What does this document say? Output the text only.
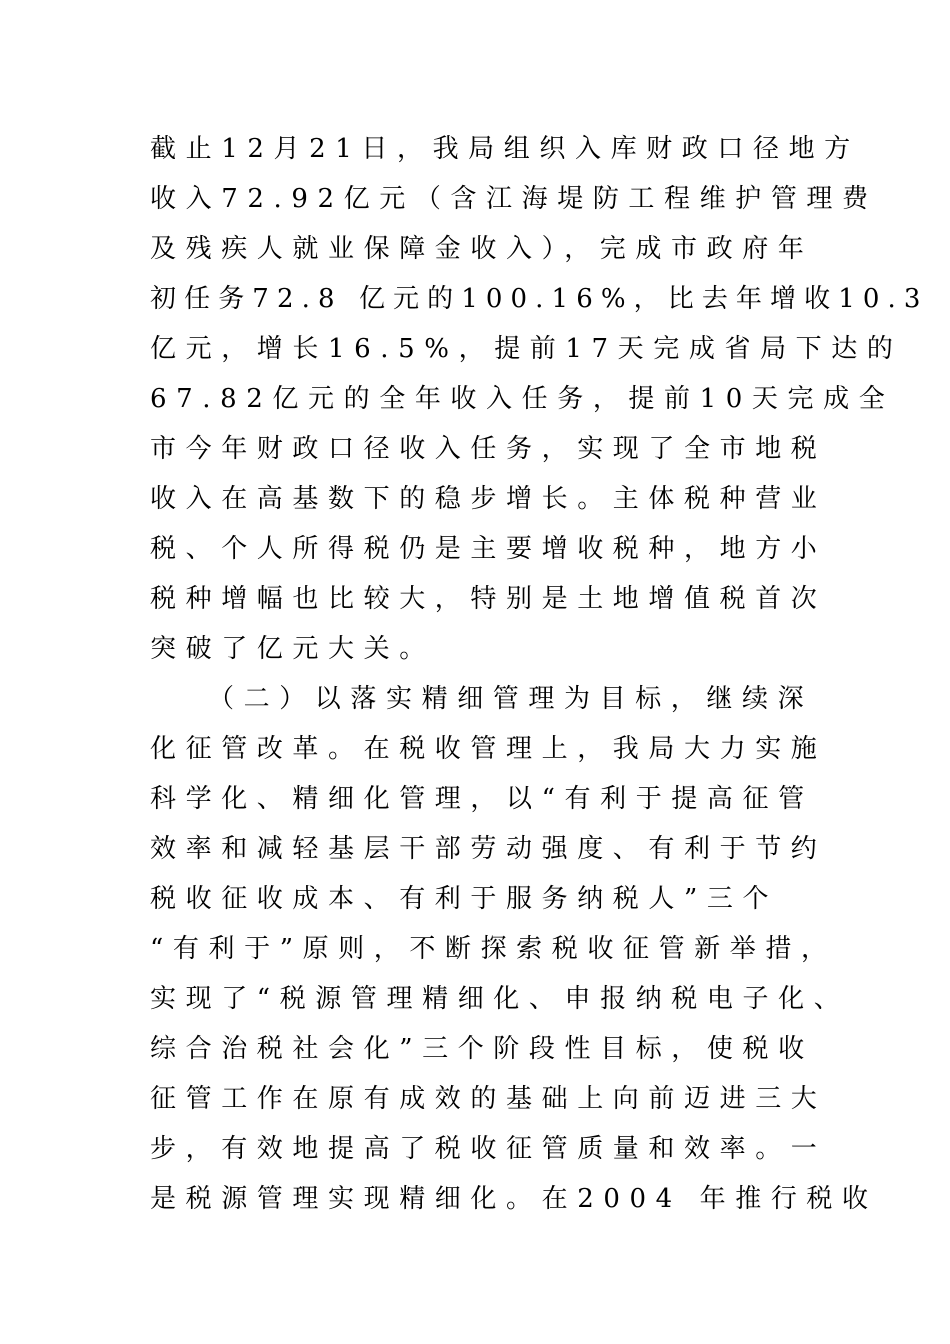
截止12月21日，我局组织入库财政口径地方
收入72.92亿元（含江海堤防工程维护管理费
及残疾人就业保障金收入），完成市政府年
初任务72.8 亿元的100.16%，比去年增收10.3
亿元，增长16.5%，提前17天完成省局下达的
67.82亿元的全年收入任务，提前10天完成全
市今年财政口径收入任务，实现了全市地税
收入在高基数下的稳步增长。主体税种营业
税、个人所得税仍是主要增收税种，地方小
税种增幅也比较大，特别是土地增值税首次
突破了亿元大关。
（二）以落实精细管理为目标，继续深
化征管改革。在税收管理上，我局大力实施
科学化、精细化管理，以“有利于提高征管
效率和减轻基层干部劳动强度、有利于节约
税收征收成本、有利于服务纳税人”三个
“有利于”原则，不断探索税收征管新举措，
实现了“税源管理精细化、申报纳税电子化、
综合治税社会化”三个阶段性目标，使税收
征管工作在原有成效的基础上向前迈进三大
步，有效地提高了税收征管质量和效率。一
是税源管理实现精细化。在2004 年推行税收
